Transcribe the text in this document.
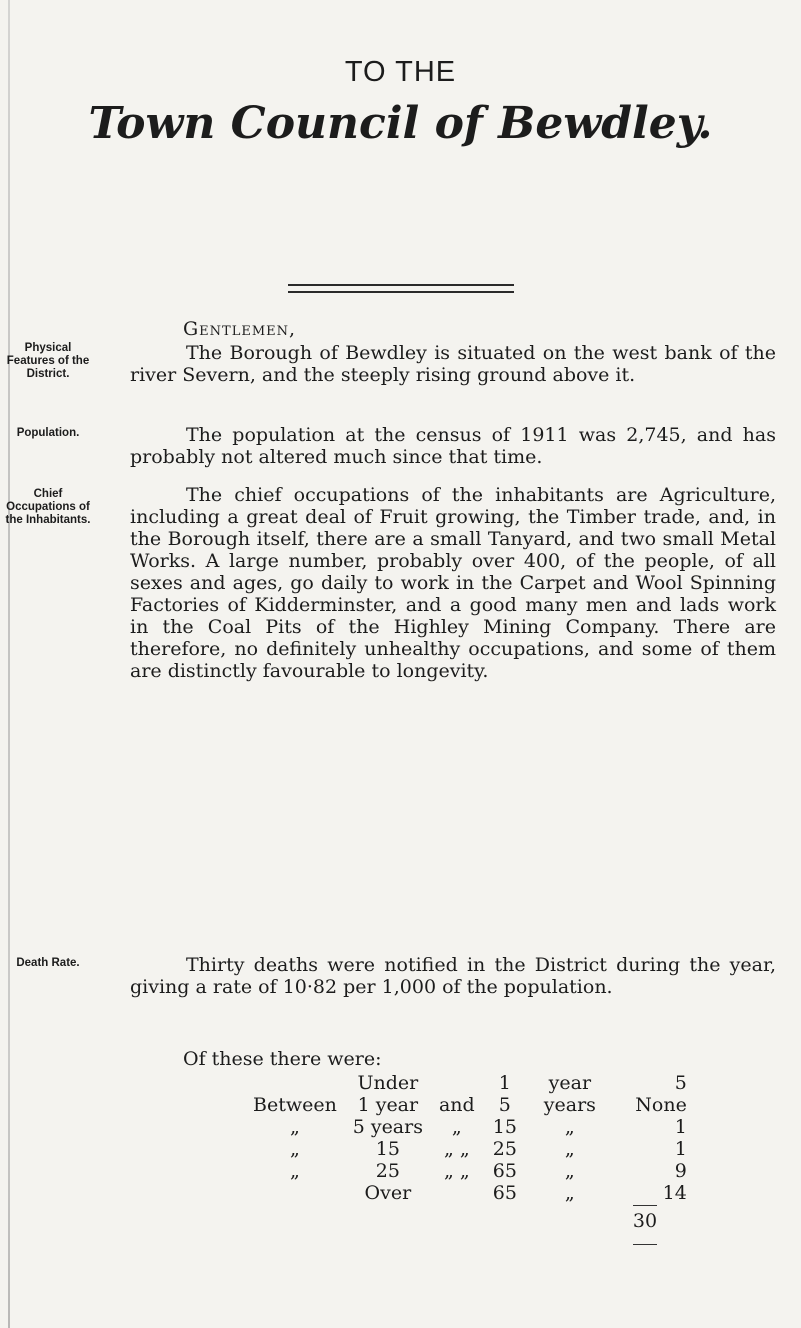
TO THE
Town Council of Bewdley.
Gentlemen,
Physical Features of the District.
The Borough of Bewdley is situated on the west bank of the river Severn, and the steeply rising ground above it.
Population.	The population at the census of 1911 was 2,745, and has probably not altered much since that time.
Chief Occupations of the Inhabitants.
The chief occupations of the inhabitants are Agriculture, including a great deal of Fruit growing, the Timber trade, and, in the Borough itself, there are a small Tanyard, and two small Metal Works. A large number, probably over 400, of the people, of all sexes and ages, go daily to work in the Carpet and Wool Spinning Factories of Kidderminster, and a good many men and lads work in the Coal Pits of the Highley Mining Company. There are therefore, no definitely unhealthy occupations, and some of them are distinctly favourable to longevity.
Death Rate.	Thirty deaths were notified in the District during the year, giving a rate of 10·82 per 1,000 of the population.
Of these there were:
	Under		1	year	5
Between	1 year	and	5	years	None
„	5 years	„	15	„	1
„	15	„ „	25	„	1
„	25	„ „	65	„	9
	Over		65	„	14
30
